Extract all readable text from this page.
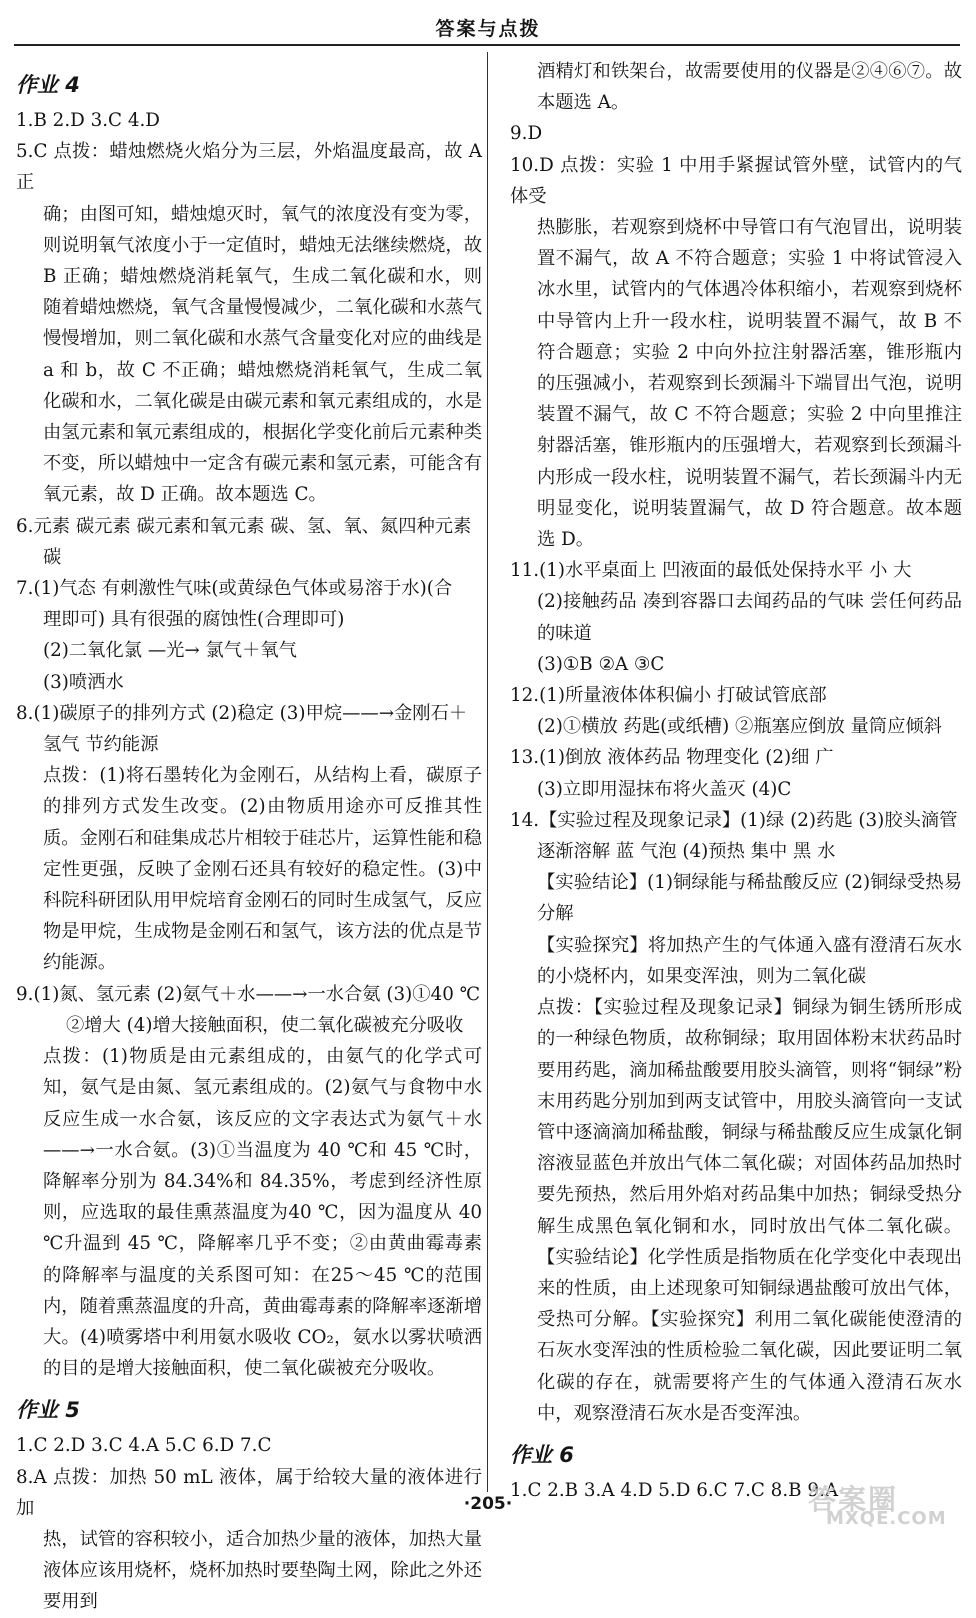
答案与点拨
作业 4

1.B 2.D 3.C 4.D

5.C 点拨：蜡烛燃烧火焰分为三层，外焰温度最高，故 A 正

确；由图可知，蜡烛熄灭时，氧气的浓度没有变为零，则说明氧气浓度小于一定值时，蜡烛无法继续燃烧，故 B 正确；蜡烛燃烧消耗氧气，生成二氧化碳和水，则随着蜡烛燃烧，氧气含量慢慢减少，二氧化碳和水蒸气慢慢增加，则二氧化碳和水蒸气含量变化对应的曲线是 a 和 b，故 C 不正确；蜡烛燃烧消耗氧气，生成二氧化碳和水，二氧化碳是由碳元素和氧元素组成的，水是由氢元素和氧元素组成的，根据化学变化前后元素种类不变，所以蜡烛中一定含有碳元素和氢元素，可能含有氧元素，故 D 正确。故本题选 C。

6.元素 碳元素 碳元素和氧元素 碳、氢、氧、氮四种元素

碳

7.(1)气态 有刺激性气味(或黄绿色气体或易溶于水)(合

理即可) 具有很强的腐蚀性(合理即可)

(2)二氧化氯 —光→ 氯气＋氧气

(3)喷洒水

8.(1)碳原子的排列方式 (2)稳定 (3)甲烷——→金刚石＋

氢气 节约能源

点拨：(1)将石墨转化为金刚石，从结构上看，碳原子的排列方式发生改变。(2)由物质用途亦可反推其性质。金刚石和硅集成芯片相较于硅芯片，运算性能和稳定性更强，反映了金刚石还具有较好的稳定性。(3)中科院科研团队用甲烷培育金刚石的同时生成氢气，反应物是甲烷，生成物是金刚石和氢气，该方法的优点是节约能源。

9.(1)氮、氢元素 (2)氨气＋水——→一水合氨 (3)①40 ℃

②增大 (4)增大接触面积，使二氧化碳被充分吸收

点拨：(1)物质是由元素组成的，由氨气的化学式可知，氨气是由氮、氢元素组成的。(2)氨气与食物中水反应生成一水合氨，该反应的文字表达式为氨气＋水——→一水合氨。(3)①当温度为 40 ℃和 45 ℃时，降解率分别为 84.34%和 84.35%，考虑到经济性原则，应选取的最佳熏蒸温度为40 ℃，因为温度从 40 ℃升温到 45 ℃，降解率几乎不变；②由黄曲霉毒素的降解率与温度的关系图可知：在25～45 ℃的范围内，随着熏蒸温度的升高，黄曲霉毒素的降解率逐渐增大。(4)喷雾塔中利用氨水吸收 CO₂，氨水以雾状喷洒的目的是增大接触面积，使二氧化碳被充分吸收。

作业 5

1.C 2.D 3.C 4.A 5.C 6.D 7.C

8.A 点拨：加热 50 mL 液体，属于给较大量的液体进行加

热，试管的容积较小，适合加热少量的液体，加热大量液体应该用烧杯，烧杯加热时要垫陶土网，除此之外还要用到

酒精灯和铁架台，故需要使用的仪器是②④⑥⑦。故本题选 A。

9.D

10.D 点拨：实验 1 中用手紧握试管外壁，试管内的气体受

热膨胀，若观察到烧杯中导管口有气泡冒出，说明装置不漏气，故 A 不符合题意；实验 1 中将试管浸入冰水里，试管内的气体遇冷体积缩小，若观察到烧杯中导管内上升一段水柱，说明装置不漏气，故 B 不符合题意；实验 2 中向外拉注射器活塞，锥形瓶内的压强减小，若观察到长颈漏斗下端冒出气泡，说明装置不漏气，故 C 不符合题意；实验 2 中向里推注射器活塞，锥形瓶内的压强增大，若观察到长颈漏斗内形成一段水柱，说明装置不漏气，若长颈漏斗内无明显变化，说明装置漏气，故 D 符合题意。故本题选 D。

11.(1)水平桌面上 凹液面的最低处保持水平 小 大

(2)接触药品 凑到容器口去闻药品的气味 尝任何药品的味道

(3)①B ②A ③C

12.(1)所量液体体积偏小 打破试管底部

(2)①横放 药匙(或纸槽) ②瓶塞应倒放 量筒应倾斜

13.(1)倒放 液体药品 物理变化 (2)细 广

(3)立即用湿抹布将火盖灭 (4)C

14.【实验过程及现象记录】(1)绿 (2)药匙 (3)胶头滴管

逐渐溶解 蓝 气泡 (4)预热 集中 黑 水

【实验结论】(1)铜绿能与稀盐酸反应 (2)铜绿受热易分解

【实验探究】将加热产生的气体通入盛有澄清石灰水的小烧杯内，如果变浑浊，则为二氧化碳

点拨：【实验过程及现象记录】铜绿为铜生锈所形成的一种绿色物质，故称铜绿；取用固体粉末状药品时要用药匙，滴加稀盐酸要用胶头滴管，则将“铜绿”粉末用药匙分别加到两支试管中，用胶头滴管向一支试管中逐滴滴加稀盐酸，铜绿与稀盐酸反应生成氯化铜溶液显蓝色并放出气体二氧化碳；对固体药品加热时要先预热，然后用外焰对药品集中加热；铜绿受热分解生成黑色氧化铜和水，同时放出气体二氧化碳。【实验结论】化学性质是指物质在化学变化中表现出来的性质，由上述现象可知铜绿遇盐酸可放出气体，受热可分解。【实验探究】利用二氧化碳能使澄清的石灰水变浑浊的性质检验二氧化碳，因此要证明二氧化碳的存在，就需要将产生的气体通入澄清石灰水中，观察澄清石灰水是否变浑浊。

作业 6

1.C 2.B 3.A 4.D 5.D 6.C 7.C 8.B 9.A

·205·	答案圈
MXQE.COM
